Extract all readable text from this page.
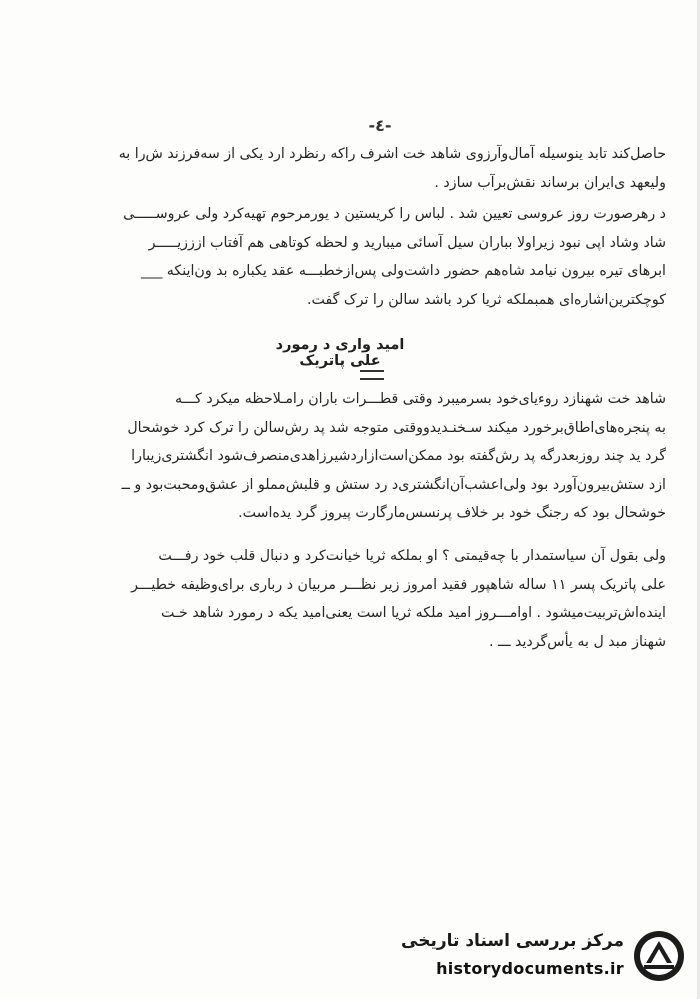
-٤-
حاصل‌کند تابد ینوسیله آمال‌وآرزوی شاهد خت اشرف راکه رنظرد ارد یکی از سه‌فرزند ش‌را به
ولیعهد ی‌ایران برساند نقش‌برآب سازد .
د رهرصورت روز عروسی تعیین شد . لباس را کریستین د یورمرحوم تهیه‌کرد ولی عروســـــی
شاد وشاد اپی نبود زیراولا بباران سیل آسائی میبارید و لحظه کوتاهی هم آفتاب ازززیـــــر
ابرهای تیره بیرون نیامد شاه‌هم حضور داشت‌ولی پس‌ازخطبـــه عقد یکباره بد ون‌اینکه ___
کوچکترین‌اشاره‌ای همبملکه ثریا کرد باشد سالن را ترک گفت.
امید واری د رمورد علی پاتریک
شاهد خت شهنازد روءیای‌خود بسرمیبرد وقتی قطـــرات باران رامـلاحظه میکرد کـــه
به پنجره‌های‌اطاق‌برخورد میکند سـخنـدیدووقتی متوجه شد پد رش‌سالن را ترک کرد خوشحال
گرد ید چند روزبعدرگه پد رش‌گفته بود ممکن‌است‌ازاردشیرزاهدی‌منصرف‌شود انگشتری‌زیبارا
ازد ستش‌بیرون‌آورد بود ولی‌اعشب‌آن‌انگشتری‌د رد ستش و قلبش‌مملو از عشق‌ومحبت‌بود و ــ
خوشحال بود که رجنگ خود بر خلاف پرنسس‌مارگارت پیروز گرد یده‌است.
ولی بقول آن سیاستمدار با چه‌قیمتی ؟ او بملکه ثریا خیانت‌کرد و دنبال قلب خود رفـــت
علی پاتریک پسر ١١ ساله شاهپور فقید امروز زیر نظـــر مربیان د رباری برای‌وظیفه خطیـــر
اینده‌اش‌تربیت‌میشود . اوامـــروز امید ملکه ثریا است یعنی‌امید یکه د رمورد شاهد خـت
شهناز مبد ل به یأس‌گردید ـــ .
مرکز بررسی اسناد تاریخی
historydocuments.ir
